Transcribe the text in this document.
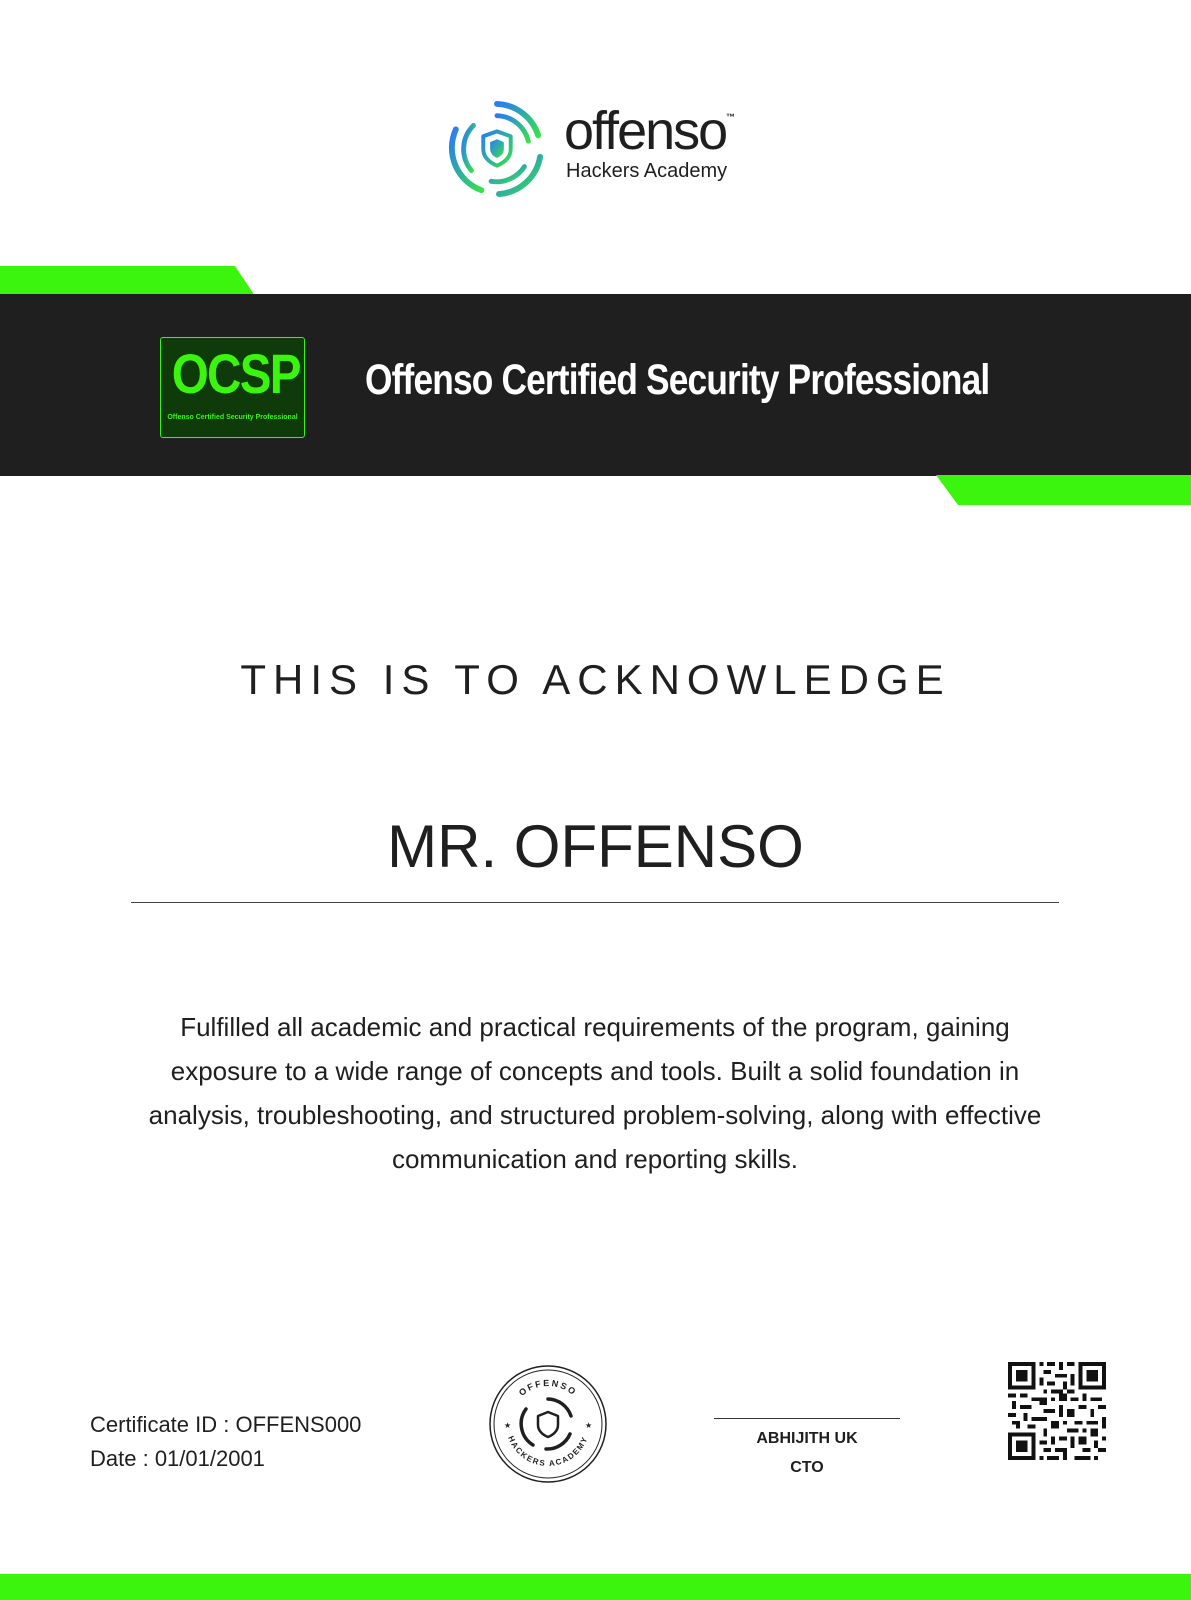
offenso ™
Hackers Academy
OCSP
Offenso Certified Security Professional
Offenso Certified Security Professional
THIS IS TO ACKNOWLEDGE
MR. OFFENSO
Fulfilled all academic and practical requirements of the program, gaining exposure to a wide range of concepts and tools. Built a solid foundation in analysis, troubleshooting, and structured problem-solving, along with effective communication and reporting skills.
Certificate ID : OFFENS000
Date : 01/01/2001
OFFENSO
HACKERS ACADEMY
★	★
ABHIJITH UK
CTO
